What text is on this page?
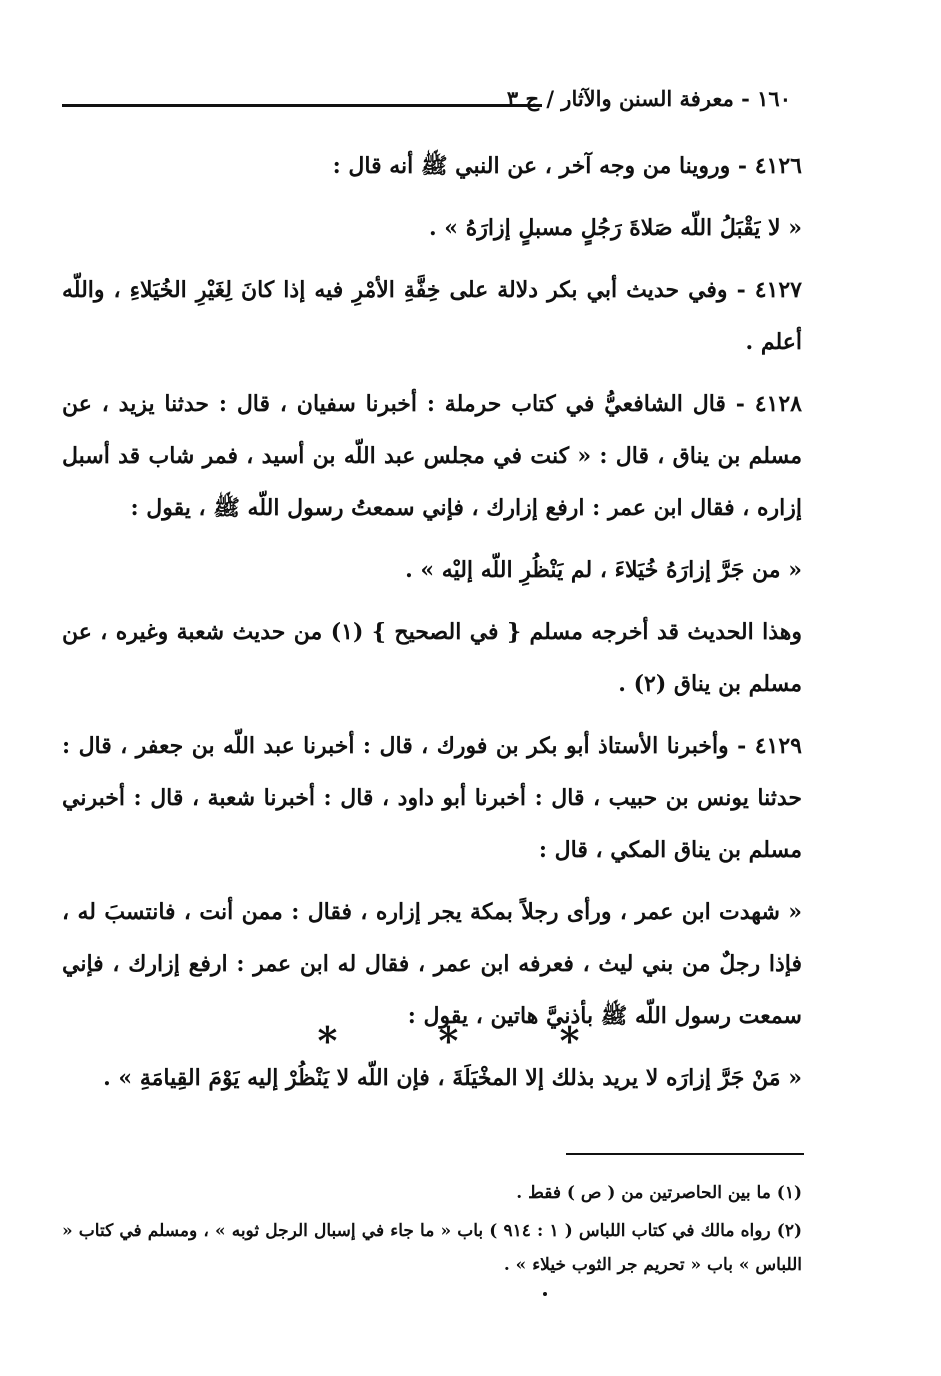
١٦٠ - معرفة السنن والآثار / ج ٣

٤١٢٦ - وروينا من وجه آخر ، عن النبي ﷺ أنه قال :

« لا يَقْبَلُ اللّه صَلاةَ رَجُلٍ مسبلٍ إزارَهُ » .

٤١٢٧ - وفي حديث أبي بكر دلالة على خِفَّةِ الأمْرِ فيه إذا كانَ لِغَيْرِ الخُيَلاءِ ، واللّه أعلم .

٤١٢٨ - قال الشافعيُّ في كتاب حرملة : أخبرنا سفيان ، قال : حدثنا يزيد ، عن مسلم بن يناق ، قال : « كنت في مجلس عبد اللّه بن أسيد ، فمر شاب قد أسبل إزاره ، فقال ابن عمر : ارفع إزارك ، فإني سمعتُ رسول اللّه ﷺ ، يقول :

« من جَرَّ إزارَهُ خُيَلاءَ ، لم يَنْظُرِ اللّه إليْه » .

وهذا الحديث قد أخرجه مسلم { في الصحيح } (١) من حديث شعبة وغيره ، عن مسلم بن يناق (٢) .

٤١٢٩ - وأخبرنا الأستاذ أبو بكر بن فورك ، قال : أخبرنا عبد اللّه بن جعفر ، قال : حدثنا يونس بن حبيب ، قال : أخبرنا أبو داود ، قال : أخبرنا شعبة ، قال : أخبرني مسلم بن يناق المكي ، قال :

« شهدت ابن عمر ، ورأى رجلاً بمكة يجر إزاره ، فقال : ممن أنت ، فانتسبَ له ، فإذا رجلٌ من بني ليث ، فعرفه ابن عمر ، فقال له ابن عمر : ارفع إزارك ، فإني سمعت رسول اللّه ﷺ بأذنيَّ هاتين ، يقول :

« مَنْ جَرَّ إزارَه لا يريد بذلك إلا المخْيَلَةَ ، فإن اللّه لا يَنْظُرْ إليه يَوْمَ القِيامَةِ » .

* * *

(١) ما بين الحاصرتين من ( ص ) فقط .

(٢) رواه مالك في كتاب اللباس ( ١ : ٩١٤ ) باب « ما جاء في إسبال الرجل ثوبه » ، ومسلم في كتاب « اللباس » باب « تحريم جر الثوب خيلاء » .
